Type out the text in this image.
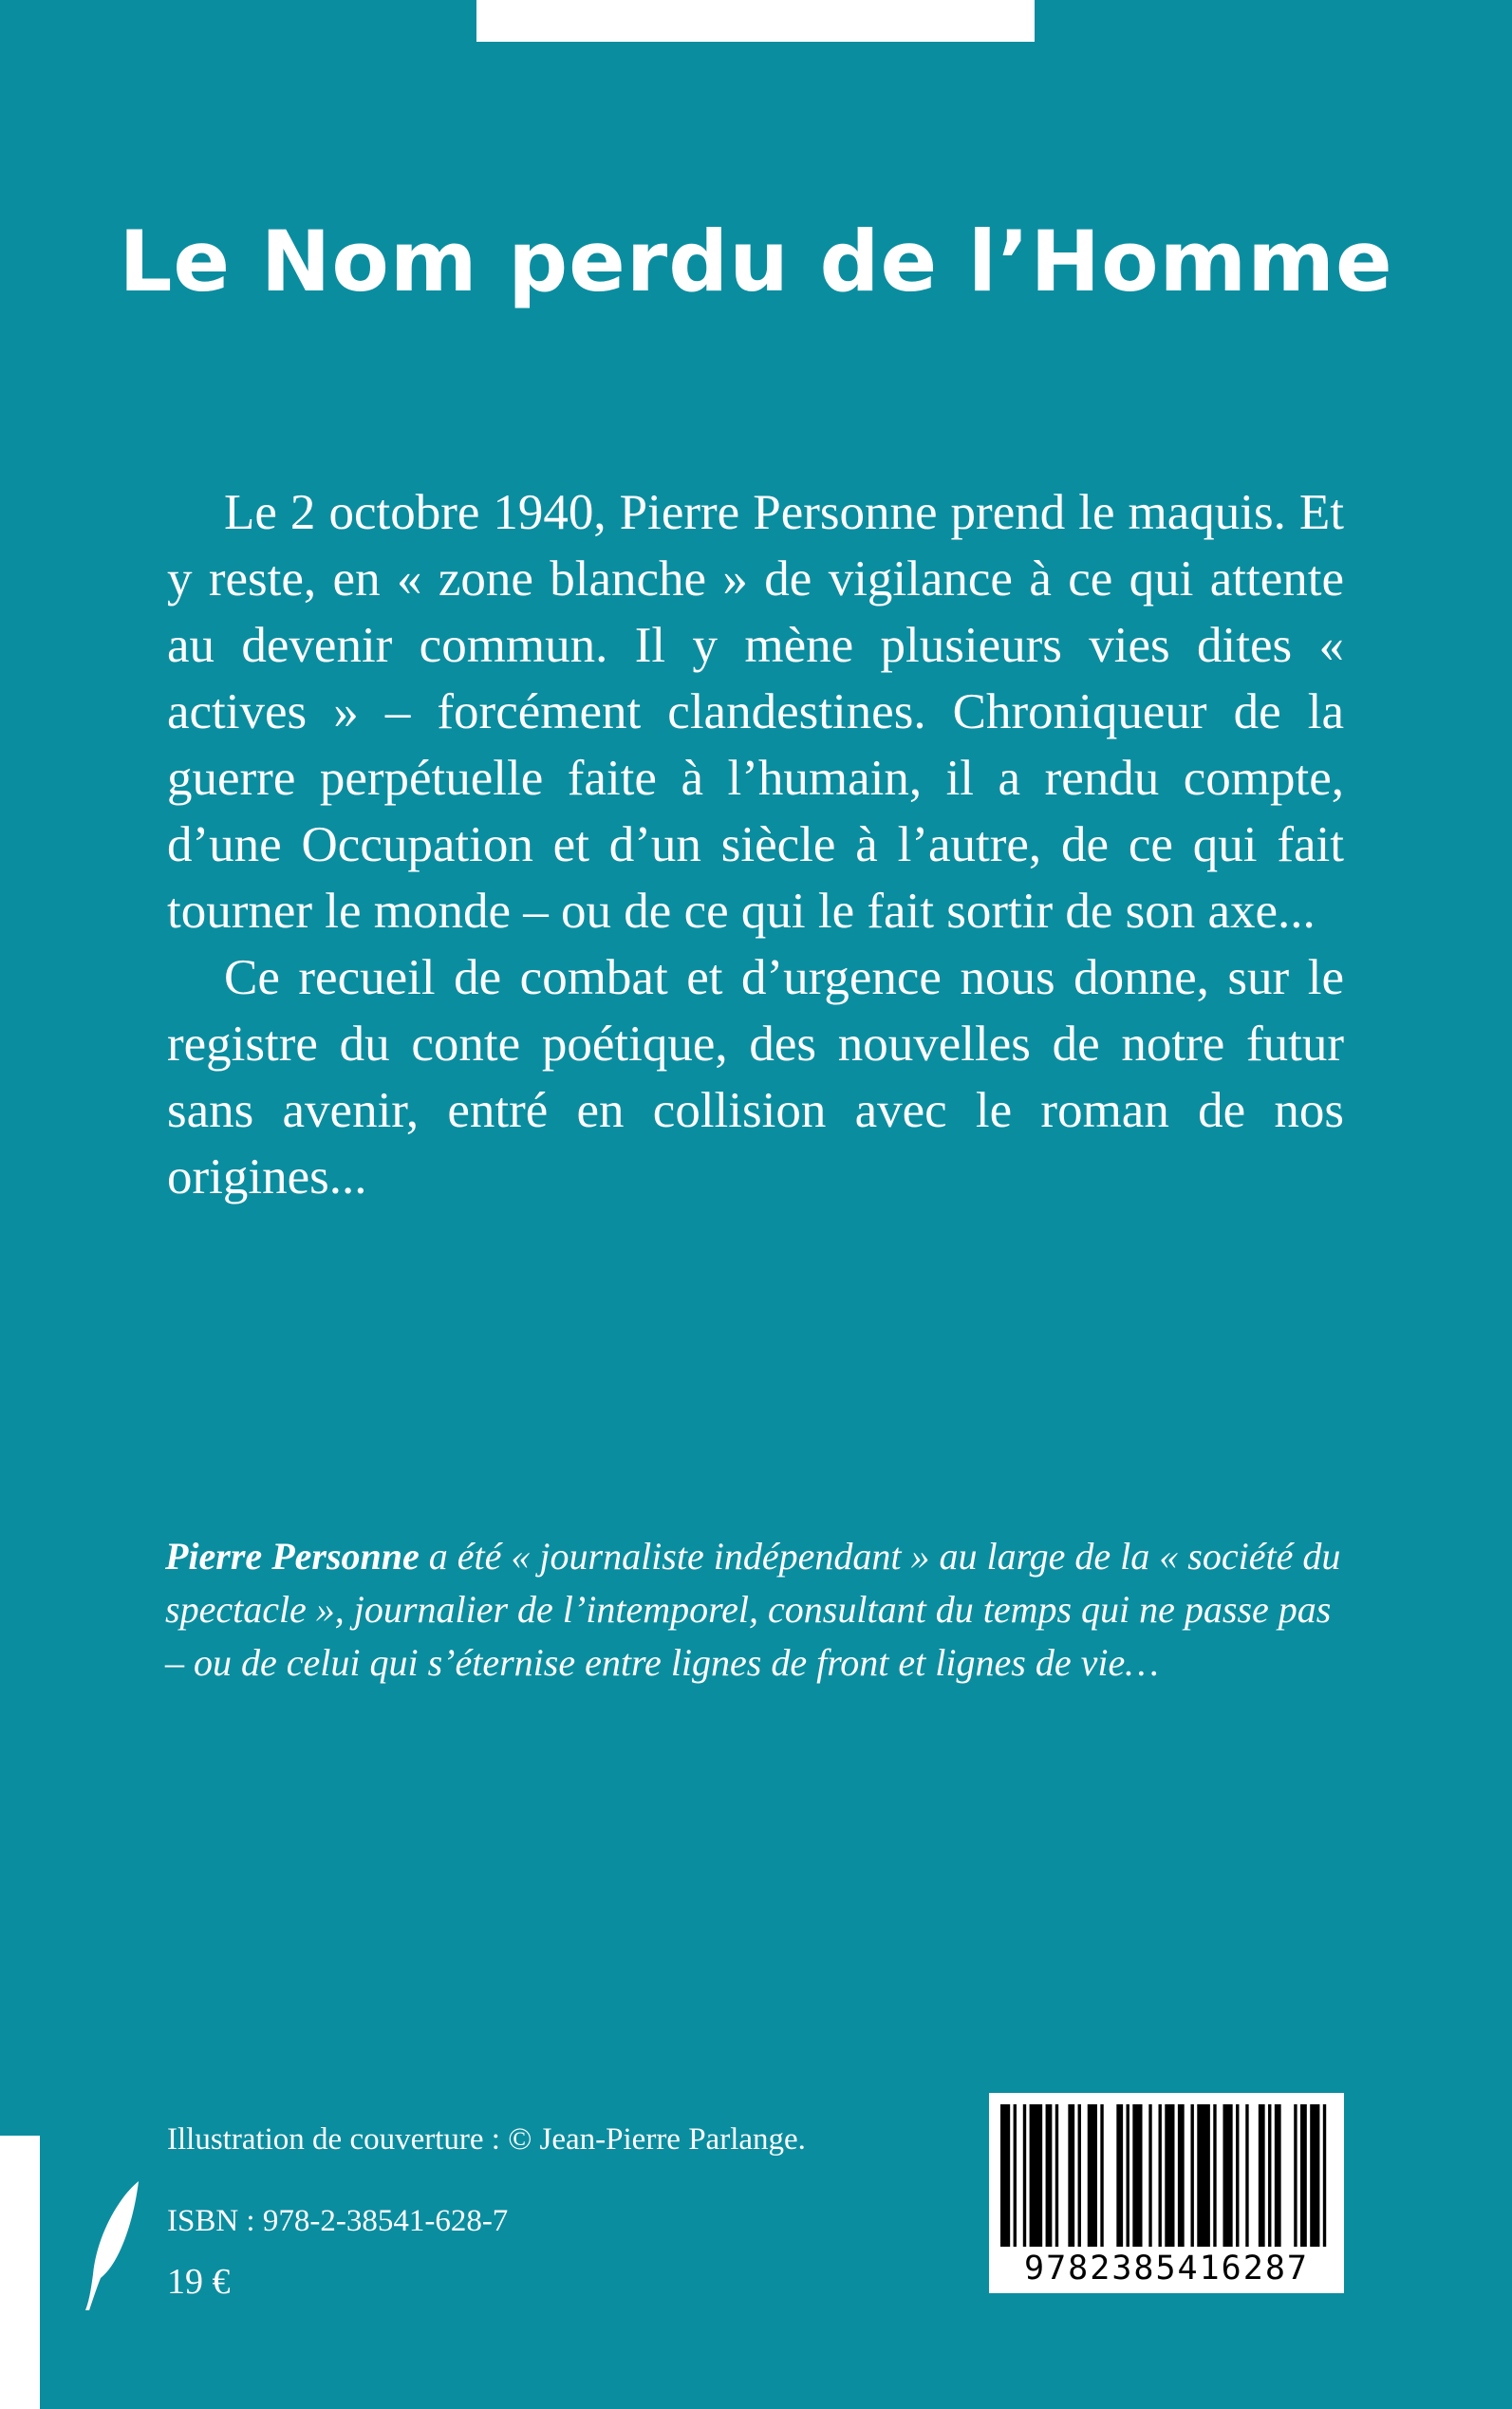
Le Nom perdu de l’Homme

Le 2 octobre 1940, Pierre Personne prend le maquis. Et y reste, en « zone blanche » de vigilance à ce qui attente au devenir commun. Il y mène plusieurs vies dites « actives » – forcément clandestines. Chroniqueur de la guerre perpétuelle faite à l’humain, il a rendu compte, d’une Occupation et d’un siècle à l’autre, de ce qui fait tourner le monde – ou de ce qui le fait sortir de son axe...

Ce recueil de combat et d’urgence nous donne, sur le registre du conte poétique, des nouvelles de notre futur sans avenir, entré en collision avec le roman de nos origines...

Pierre Personne a été « journaliste indépendant » au large de la « société du spectacle », journalier de l’intemporel, consultant du temps qui ne passe pas – ou de celui qui s’éternise entre lignes de front et lignes de vie…

Illustration de couverture : © Jean-Pierre Parlange.

ISBN : 978-2-38541-628-7

19 €	9782385416287
